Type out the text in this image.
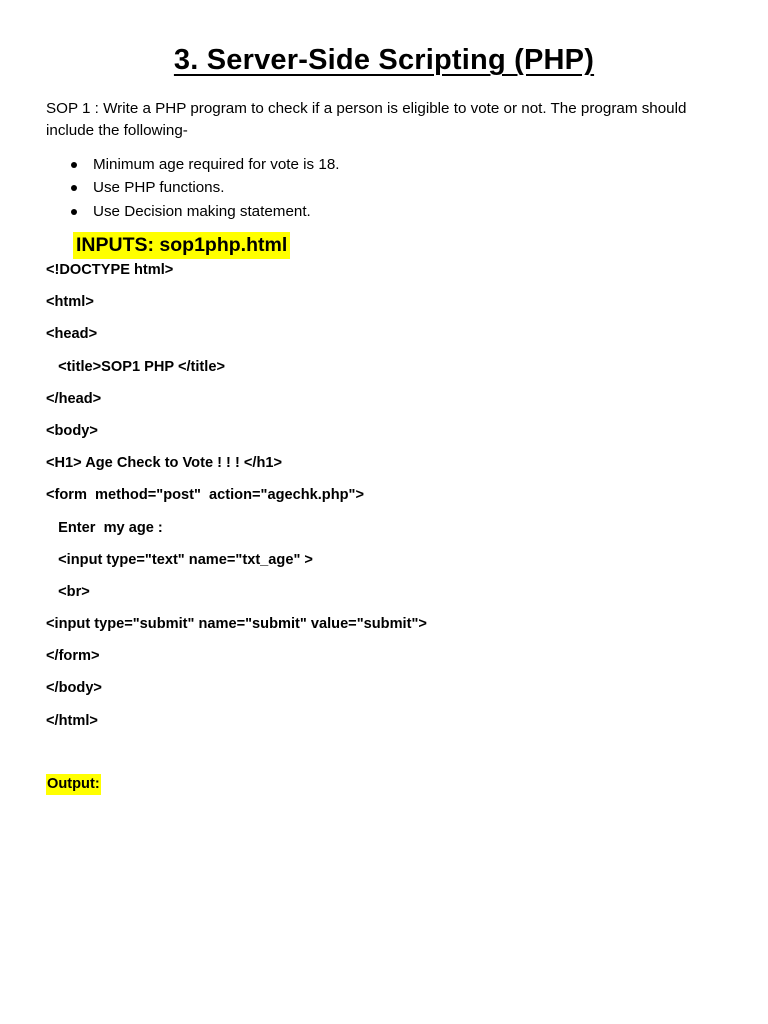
3. Server-Side Scripting (PHP)
SOP 1 : Write a PHP program to check if a person is eligible to vote or not. The program should include the following-
Minimum age required for vote is 18.
Use PHP functions.
Use Decision making statement.
INPUTS: sop1php.html
<!DOCTYPE html>
<html>
<head>
<title>SOP1 PHP </title>
</head>
<body>
<H1> Age Check to Vote ! ! ! </h1>
<form  method="post"  action="agechk.php">
Enter  my age :
<input type="text" name="txt_age" >
<br>
<input type="submit" name="submit" value="submit">
</form>
</body>
</html>
Output:
